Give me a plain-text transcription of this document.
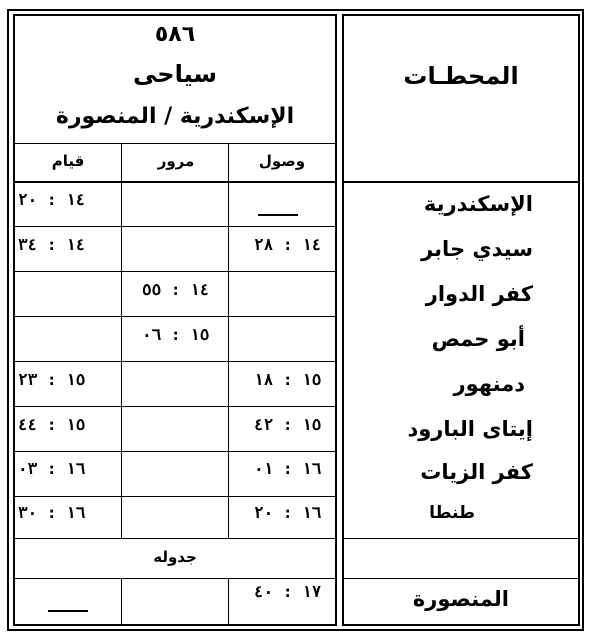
المحطـات
٥٨٦
سياحى
الإسكندرية / المنصورة
وصول
مرور
قيام
الإسكندرية
سيدي جابر
كفر الدوار
أبو حمص
دمنهور
إيتاى البارود
كفر الزيات
طنطا
المنصورة
١٤ : ٢٠
١٤ : ٢٨
١٤ : ٣٤
١٤ : ٥٥
١٥ : ٠٦
١٥ : ١٨
١٥ : ٢٣
١٥ : ٤٢
١٥ : ٤٤
١٦ : ٠١
١٦ : ٠٣
١٦ : ٢٠
١٦ : ٣٠
جدوله
١٧ : ٤٠
